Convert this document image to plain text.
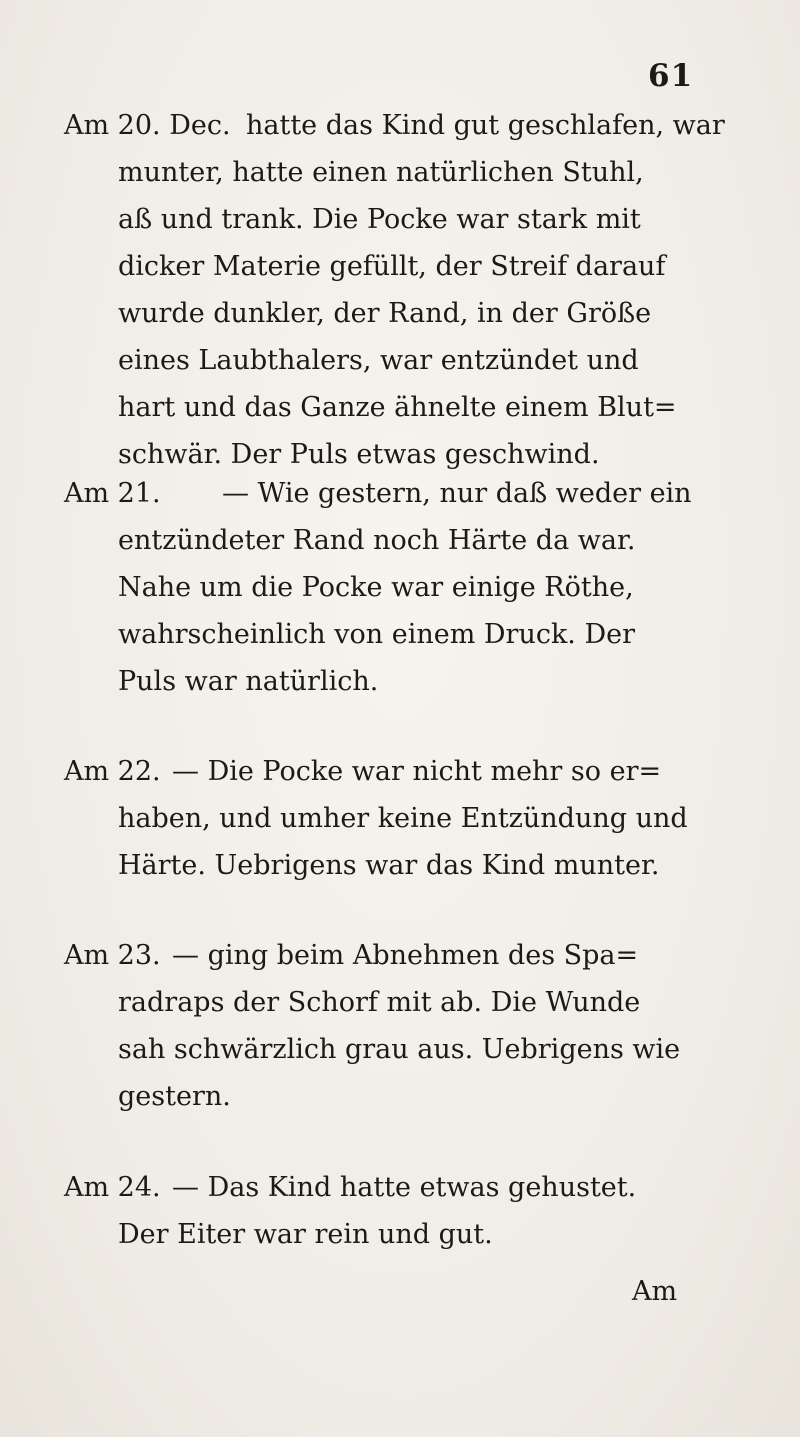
61
Am 20. Dec. hatte das Kind gut geschlafen, war
munter, hatte einen natürlichen Stuhl,
aß und trank. Die Pocke war stark mit
dicker Materie gefüllt, der Streif darauf
wurde dunkler, der Rand, in der Größe
eines Laubthalers, war entzündet und
hart und das Ganze ähnelte einem Blut=
schwär. Der Puls etwas geschwind.
Am 21. — Wie gestern, nur daß weder ein
entzündeter Rand noch Härte da war.
Nahe um die Pocke war einige Röthe,
wahrscheinlich von einem Druck. Der
Puls war natürlich.
Am 22. — Die Pocke war nicht mehr so er=
haben, und umher keine Entzündung und
Härte. Uebrigens war das Kind munter.
Am 23. — ging beim Abnehmen des Spa=
radraps der Schorf mit ab. Die Wunde
sah schwärzlich grau aus. Uebrigens wie
gestern.
Am 24. — Das Kind hatte etwas gehustet.
Der Eiter war rein und gut.
Am
